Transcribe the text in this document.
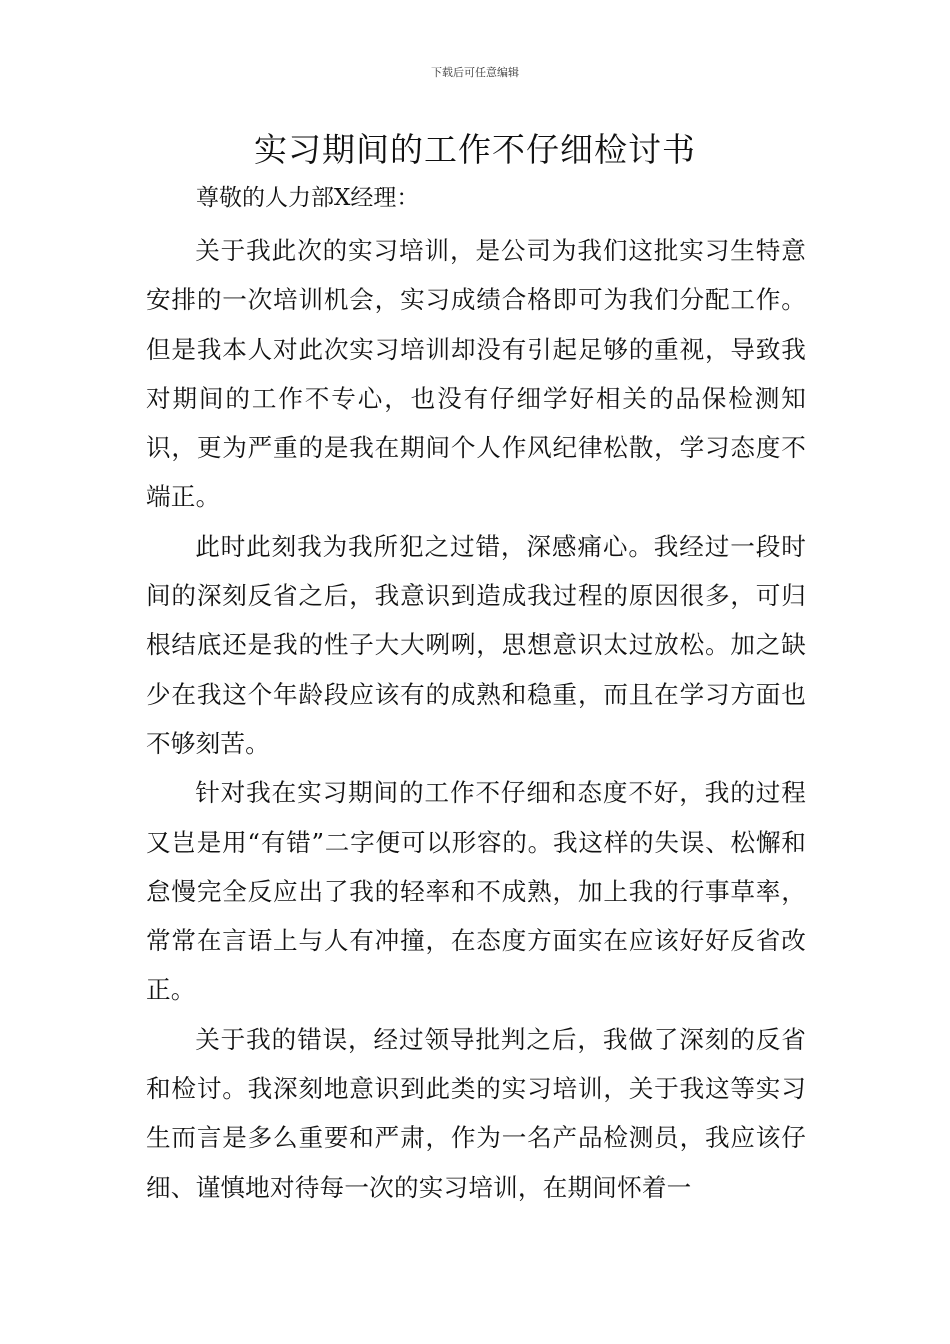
下载后可任意编辑
实习期间的工作不仔细检讨书
尊敬的人力部X经理：

关于我此次的实习培训，是公司为我们这批实习生特意安排的一次培训机会，实习成绩合格即可为我们分配工作。但是我本人对此次实习培训却没有引起足够的重视，导致我对期间的工作不专心，也没有仔细学好相关的品保检测知识，更为严重的是我在期间个人作风纪律松散，学习态度不端正。

此时此刻我为我所犯之过错，深感痛心。我经过一段时间的深刻反省之后，我意识到造成我过程的原因很多，可归根结底还是我的性子大大咧咧，思想意识太过放松。加之缺少在我这个年龄段应该有的成熟和稳重，而且在学习方面也不够刻苦。

针对我在实习期间的工作不仔细和态度不好，我的过程又岂是用“有错”二字便可以形容的。我这样的失误、松懈和怠慢完全反应出了我的轻率和不成熟，加上我的行事草率，常常在言语上与人有冲撞，在态度方面实在应该好好反省改正。

关于我的错误，经过领导批判之后，我做了深刻的反省和检讨。我深刻地意识到此类的实习培训，关于我这等实习生而言是多么重要和严肃，作为一名产品检测员，我应该仔细、谨慎地对待每一次的实习培训，在期间怀着一
